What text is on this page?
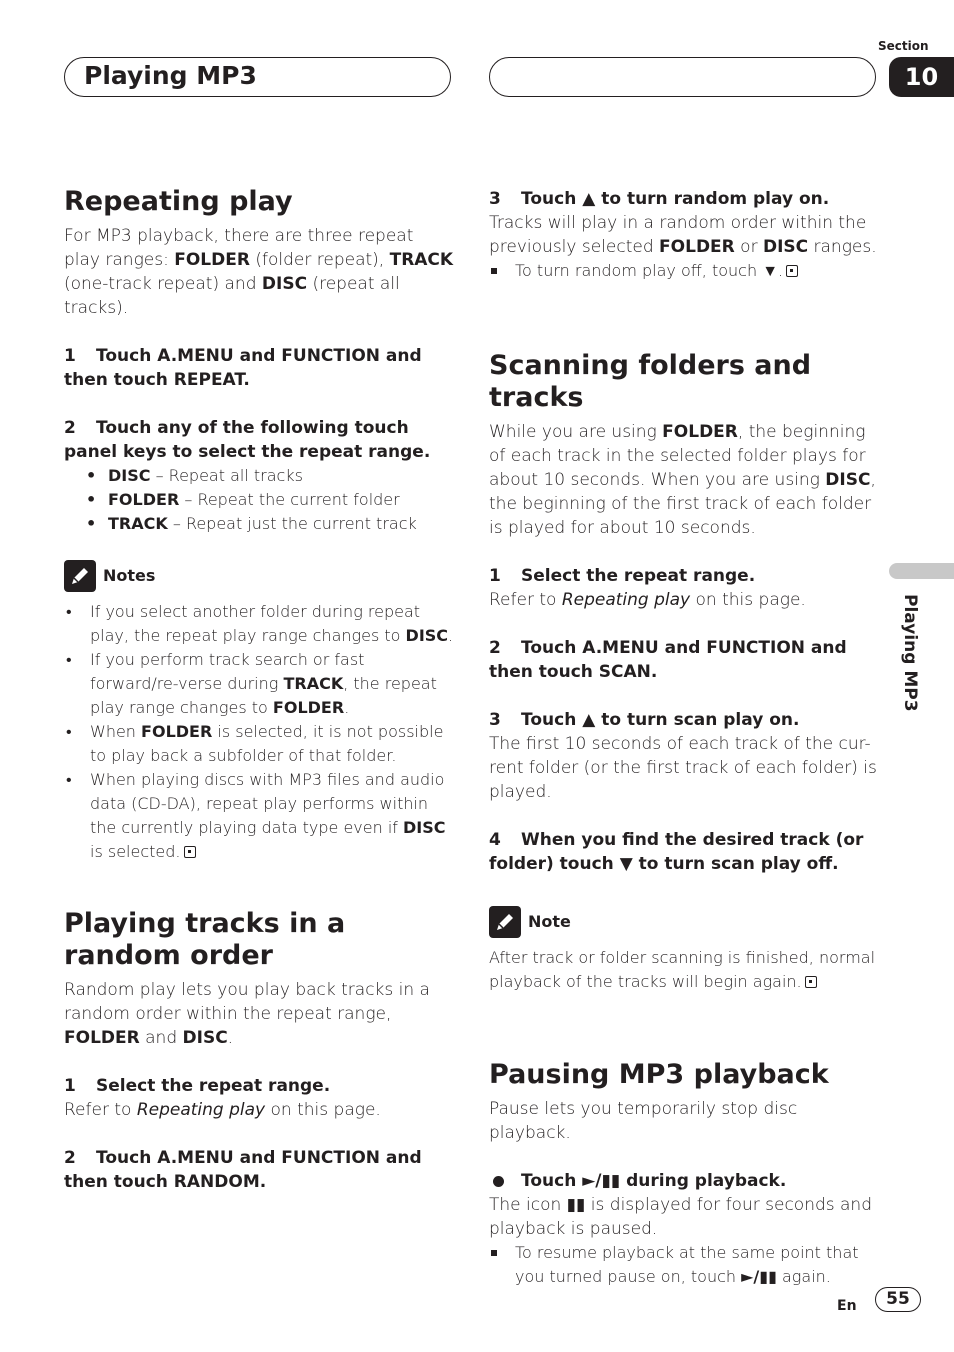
Playing MP3
Section
10
Playing MP3
Repeating play

For MP3 playback, there are three repeat play ranges: FOLDER (folder repeat), TRACK (one-track repeat) and DISC (repeat all tracks).

1 Touch A.MENU and FUNCTION and then touch REPEAT.

2 Touch any of the following touch panel keys to select the repeat range.

• DISC – Repeat all tracks
• FOLDER – Repeat the current folder
• TRACK – Repeat just the current track
Notes
• If you select another folder during repeat play, the repeat play range changes to DISC.
• If you perform track search or fast forward/re-verse during TRACK, the repeat play range changes to FOLDER.
• When FOLDER is selected, it is not possible to play back a subfolder of that folder.
• When playing discs with MP3 files and audio data (CD-DA), repeat play performs within the currently playing data type even if DISC is selected.
Playing tracks in a random order

Random play lets you play back tracks in a random order within the repeat range, FOLDER and DISC.

1 Select the repeat range.

Refer to Repeating play on this page.

2 Touch A.MENU and FUNCTION and then touch RANDOM.

3 Touch ▲ to turn random play on.

Tracks will play in a random order within the previously selected FOLDER or DISC ranges.

To turn random play off, touch ▼.

Scanning folders and tracks

While you are using FOLDER, the beginning of each track in the selected folder plays for about 10 seconds. When you are using DISC, the beginning of the first track of each folder is played for about 10 seconds.

1 Select the repeat range.

Refer to Repeating play on this page.

2 Touch A.MENU and FUNCTION and then touch SCAN.

3 Touch ▲ to turn scan play on.

The first 10 seconds of each track of the cur-rent folder (or the first track of each folder) is played.

4 When you find the desired track (or folder) touch ▼ to turn scan play off.

Note

After track or folder scanning is finished, normal playback of the tracks will begin again.

Pausing MP3 playback

Pause lets you temporarily stop disc playback.

Touch ►/▮▮ during playback.

The icon ▮▮ is displayed for four seconds and playback is paused.

To resume playback at the same point that you turned pause on, touch ►/▮▮ again.

En	55
